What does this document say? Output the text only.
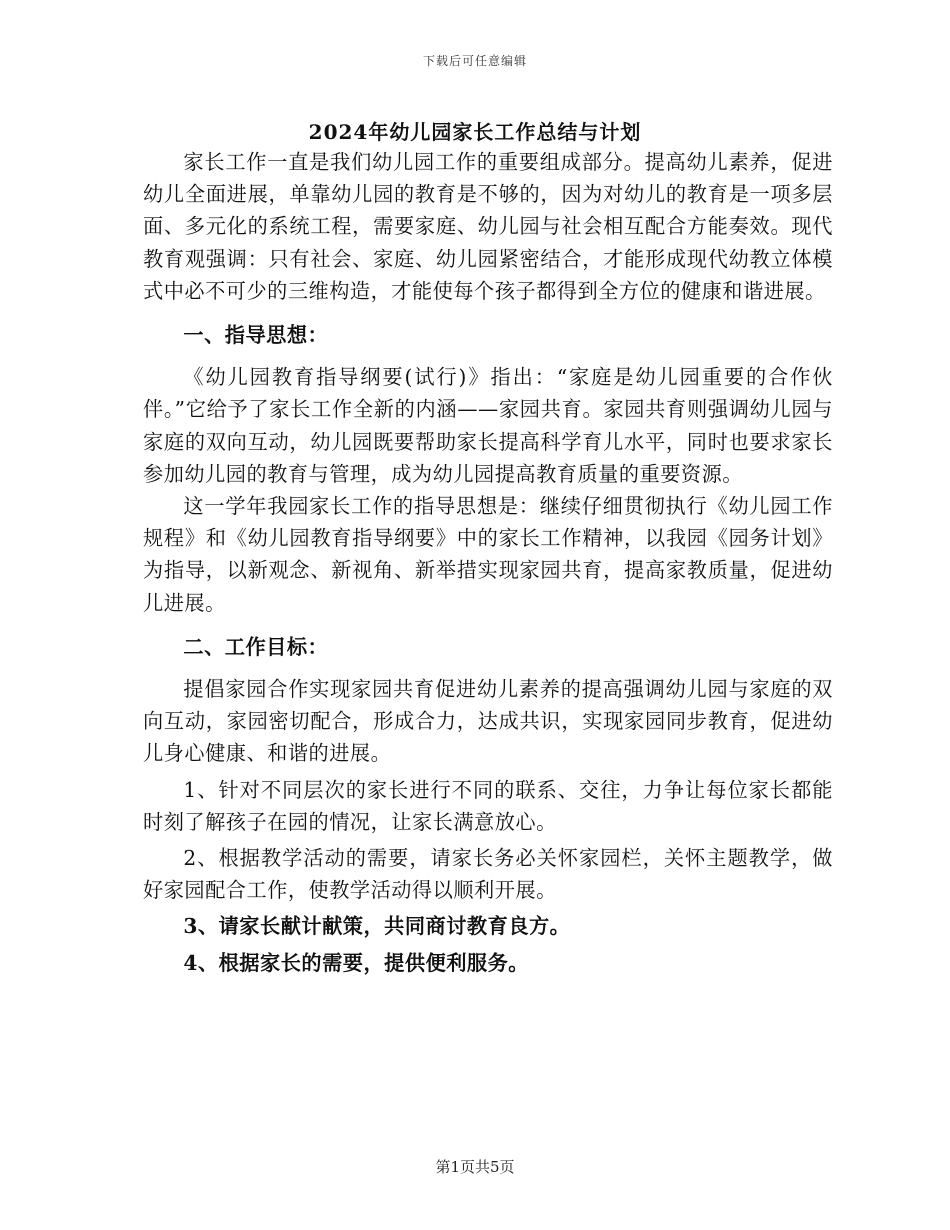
下载后可任意编辑
2024年幼儿园家长工作总结与计划

家长工作一直是我们幼儿园工作的重要组成部分。提高幼儿素养，促进幼儿全面进展，单靠幼儿园的教育是不够的，因为对幼儿的教育是一项多层面、多元化的系统工程，需要家庭、幼儿园与社会相互配合方能奏效。现代教育观强调：只有社会、家庭、幼儿园紧密结合，才能形成现代幼教立体模式中必不可少的三维构造，才能使每个孩子都得到全方位的健康和谐进展。

一、指导思想：

《幼儿园教育指导纲要(试行)》指出：“家庭是幼儿园重要的合作伙伴。”它给予了家长工作全新的内涵——家园共育。家园共育则强调幼儿园与家庭的双向互动，幼儿园既要帮助家长提高科学育儿水平，同时也要求家长参加幼儿园的教育与管理，成为幼儿园提高教育质量的重要资源。

这一学年我园家长工作的指导思想是：继续仔细贯彻执行《幼儿园工作规程》和《幼儿园教育指导纲要》中的家长工作精神，以我园《园务计划》为指导，以新观念、新视角、新举措实现家园共育，提高家教质量，促进幼儿进展。

二、工作目标：

提倡家园合作实现家园共育促进幼儿素养的提高强调幼儿园与家庭的双向互动，家园密切配合，形成合力，达成共识，实现家园同步教育，促进幼儿身心健康、和谐的进展。

1、针对不同层次的家长进行不同的联系、交往，力争让每位家长都能时刻了解孩子在园的情况，让家长满意放心。

2、根据教学活动的需要，请家长务必关怀家园栏，关怀主题教学，做好家园配合工作，使教学活动得以顺利开展。

3、请家长献计献策，共同商讨教育良方。

4、根据家长的需要，提供便利服务。

第1页共5页
